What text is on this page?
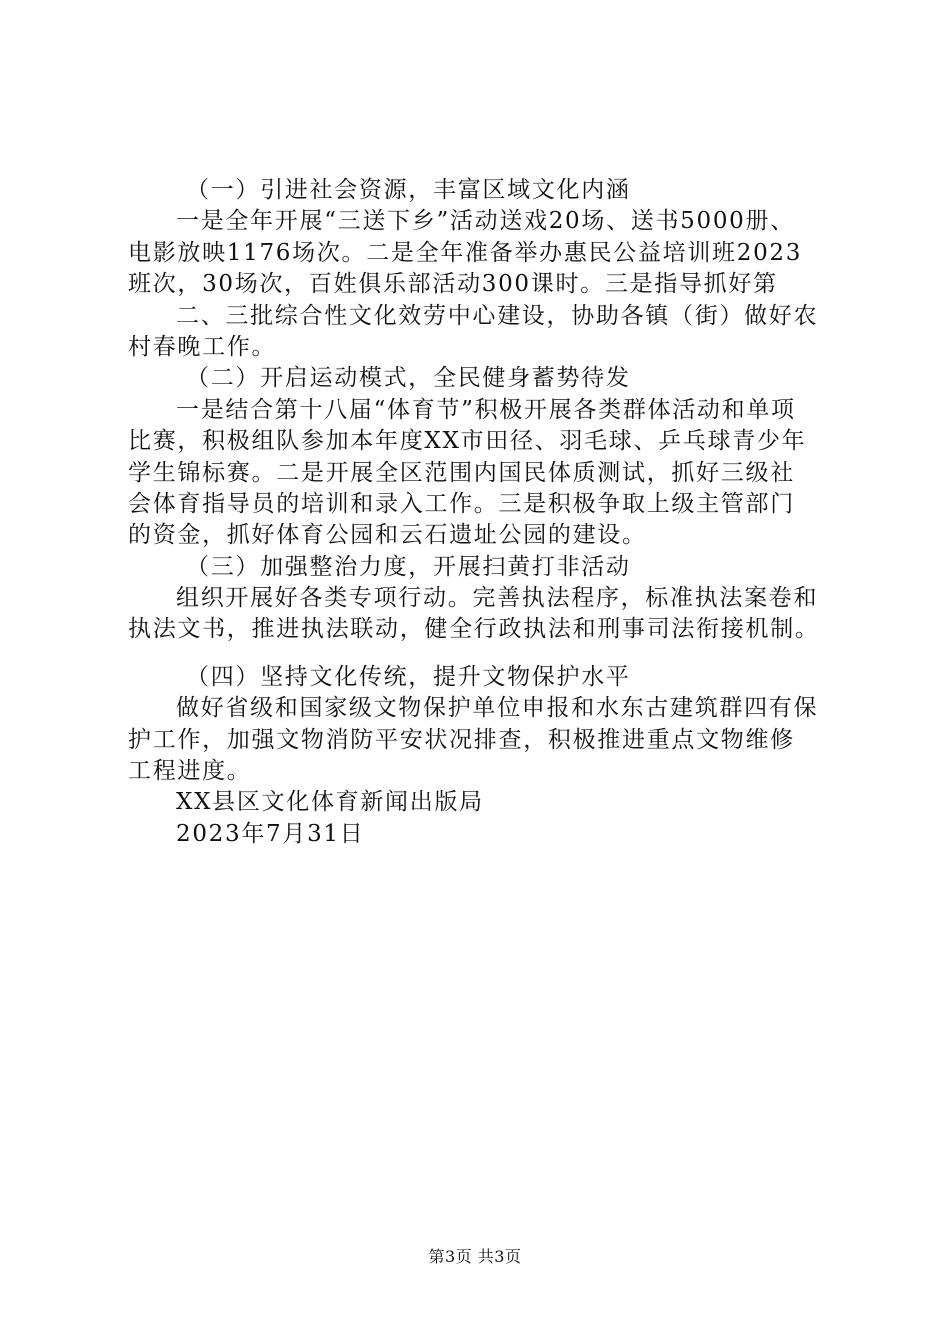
（一）引进社会资源，丰富区域文化内涵
一是全年开展“三送下乡”活动送戏20场、送书5000册、
电影放映1176场次。二是全年准备举办惠民公益培训班2023
班次，30场次，百姓俱乐部活动300课时。三是指导抓好第
二、三批综合性文化效劳中心建设，协助各镇（街）做好农
村春晚工作。
（二）开启运动模式，全民健身蓄势待发
一是结合第十八届“体育节”积极开展各类群体活动和单项
比赛，积极组队参加本年度XX市田径、羽毛球、乒乓球青少年
学生锦标赛。二是开展全区范围内国民体质测试，抓好三级社
会体育指导员的培训和录入工作。三是积极争取上级主管部门
的资金，抓好体育公园和云石遗址公园的建设。
（三）加强整治力度，开展扫黄打非活动
组织开展好各类专项行动。完善执法程序，标准执法案卷和
执法文书，推进执法联动，健全行政执法和刑事司法衔接机制。
（四）坚持文化传统，提升文物保护水平
做好省级和国家级文物保护单位申报和水东古建筑群四有保
护工作，加强文物消防平安状况排查，积极推进重点文物维修
工程进度。
XX县区文化体育新闻出版局
2023年7月31日
第3页 共3页
